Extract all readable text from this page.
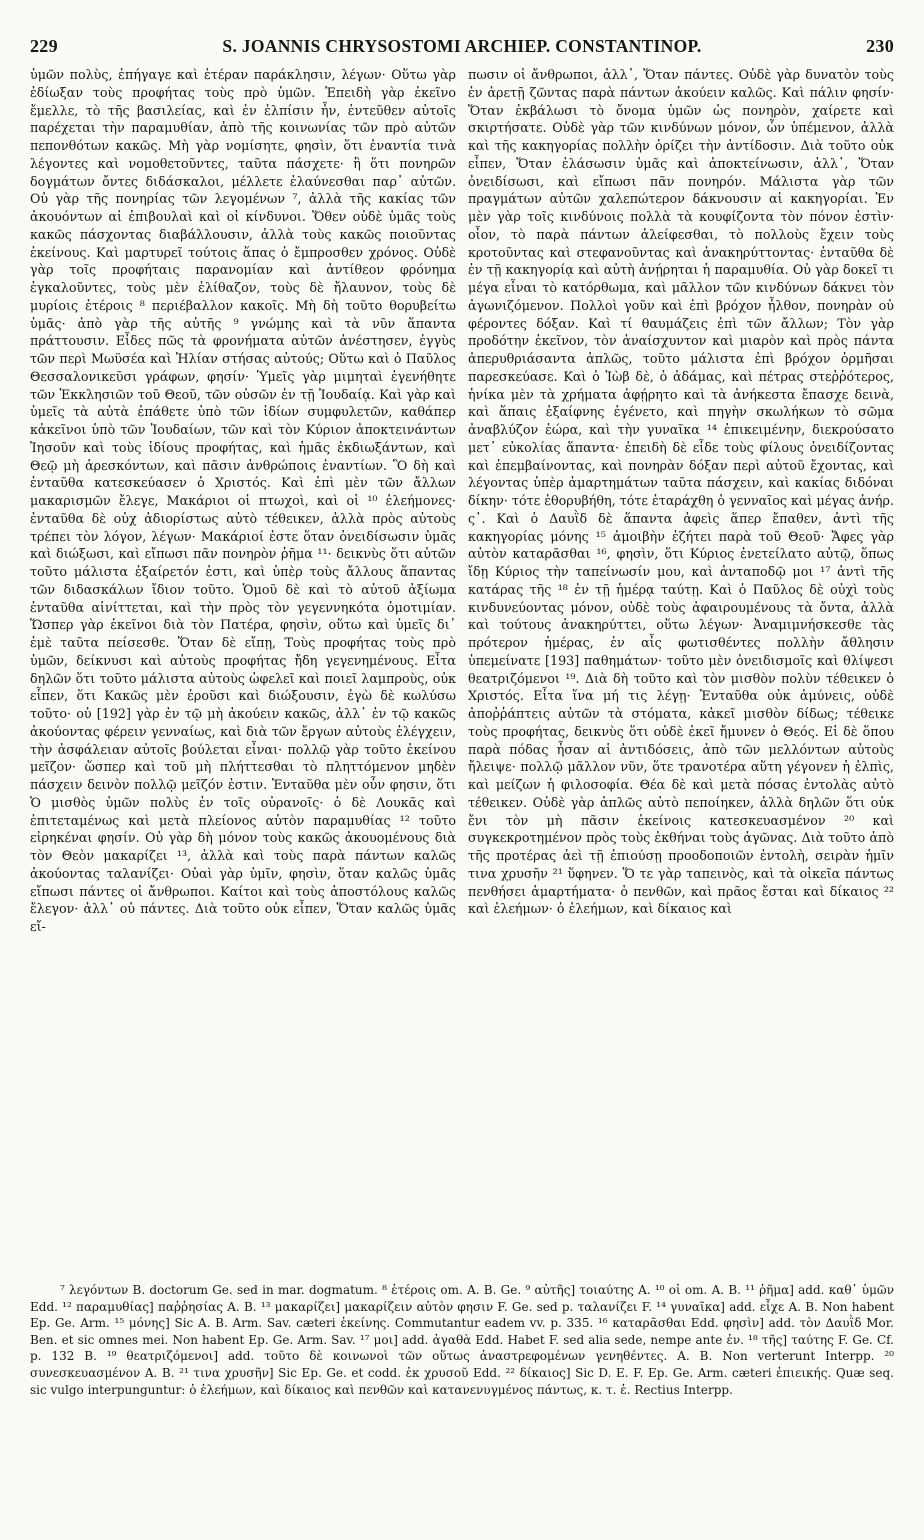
229	S. JOANNIS CHRYSOSTOMI ARCHIEP. CONSTANTINOP.	230

ὑμῶν πολὺς, ἐπήγαγε καὶ ἑτέραν παράκλησιν, λέγων· Οὕτω γὰρ ἐδίωξαν τοὺς προφήτας τοὺς πρὸ ὑμῶν. Ἐπειδὴ γὰρ ἐκεῖνο ἔμελλε, τὸ τῆς βασιλείας, καὶ ἐν ἐλπίσιν ἦν, ἐντεῦθεν αὐτοῖς παρέχεται τὴν παραμυθίαν, ἀπὸ τῆς κοινωνίας τῶν πρὸ αὐτῶν πεπονθότων κακῶς. Μὴ γὰρ νομίσητε, φησὶν, ὅτι ἐναντία τινὰ λέγοντες καὶ νομοθετοῦντες, ταῦτα πάσχετε· ἢ ὅτι πονηρῶν δογμάτων ὄντες διδάσκαλοι, μέλλετε ἐλαύνεσθαι παρ᾽ αὐτῶν. Οὐ γὰρ τῆς πονηρίας τῶν λεγομένων ⁷, ἀλλὰ τῆς κακίας τῶν ἀκουόντων αἱ ἐπιβουλαὶ καὶ οἱ κίνδυνοι. Ὅθεν οὐδὲ ὑμᾶς τοὺς κακῶς πάσχοντας διαβάλλουσιν, ἀλλὰ τοὺς κακῶς ποιοῦντας ἐκείνους. Καὶ μαρτυρεῖ τούτοις ἅπας ὁ ἔμπροσθεν χρόνος. Οὐδὲ γὰρ τοῖς προφήταις παρανομίαν καὶ ἀντίθεον φρόνημα ἐγκαλοῦντες, τοὺς μὲν ἐλίθαζον, τοὺς δὲ ἤλαυνον, τοὺς δὲ μυρίοις ἑτέροις ⁸ περιέβαλλον κακοῖς. Μὴ δὴ τοῦτο θορυβείτω ὑμᾶς· ἀπὸ γὰρ τῆς αὐτῆς ⁹ γνώμης καὶ τὰ νῦν ἅπαντα πράττουσιν. Εἶδες πῶς τὰ φρονήματα αὐτῶν ἀνέστησεν, ἐγγὺς τῶν περὶ Μωϋσέα καὶ Ἠλίαν στήσας αὐτούς; Οὕτω καὶ ὁ Παῦλος Θεσσαλονικεῦσι γράφων, φησίν· Ὑμεῖς γὰρ μιμηταὶ ἐγενήθητε τῶν Ἐκκλησιῶν τοῦ Θεοῦ, τῶν οὐσῶν ἐν τῇ Ἰουδαίᾳ. Καὶ γὰρ καὶ ὑμεῖς τὰ αὐτὰ ἐπάθετε ὑπὸ τῶν ἰδίων συμφυλετῶν, καθάπερ κἀκεῖνοι ὑπὸ τῶν Ἰουδαίων, τῶν καὶ τὸν Κύριον ἀποκτεινάντων Ἰησοῦν καὶ τοὺς ἰδίους προφήτας, καὶ ἡμᾶς ἐκδιωξάντων, καὶ Θεῷ μὴ ἀρεσκόντων, καὶ πᾶσιν ἀνθρώποις ἐναντίων. Ὃ δὴ καὶ ἐνταῦθα κατεσκεύασεν ὁ Χριστός. Καὶ ἐπὶ μὲν τῶν ἄλλων μακαρισμῶν ἔλεγε, Μακάριοι οἱ πτωχοὶ, καὶ οἱ ¹⁰ ἐλεήμονες· ἐνταῦθα δὲ οὐχ ἀδιορίστως αὐτὸ τέθεικεν, ἀλλὰ πρὸς αὐτοὺς τρέπει τὸν λόγον, λέγων· Μακάριοί ἐστε ὅταν ὀνειδίσωσιν ὑμᾶς καὶ διώξωσι, καὶ εἴπωσι πᾶν πονηρὸν ῥῆμα ¹¹· δεικνὺς ὅτι αὐτῶν τοῦτο μάλιστα ἐξαίρετόν ἐστι, καὶ ὑπὲρ τοὺς ἄλλους ἅπαντας τῶν διδασκάλων ἴδιον τοῦτο. Ὁμοῦ δὲ καὶ τὸ αὐτοῦ ἀξίωμα ἐνταῦθα αἰνίττεται, καὶ τὴν πρὸς τὸν γεγεννηκότα ὁμοτιμίαν. Ὥσπερ γὰρ ἐκεῖνοι διὰ τὸν Πατέρα, φησὶν, οὕτω καὶ ὑμεῖς δι᾽ ἐμὲ ταῦτα πείσεσθε. Ὅταν δὲ εἴπῃ, Τοὺς προφήτας τοὺς πρὸ ὑμῶν, δείκνυσι καὶ αὐτοὺς προφήτας ἤδη γεγενημένους. Εἶτα δηλῶν ὅτι τοῦτο μάλιστα αὐτοὺς ὠφελεῖ καὶ ποιεῖ λαμπροὺς, οὐκ εἶπεν, ὅτι Κακῶς μὲν ἐροῦσι καὶ διώξουσιν, ἐγὼ δὲ κωλύσω τοῦτο· οὐ [192] γὰρ ἐν τῷ μὴ ἀκούειν κακῶς, ἀλλ᾽ ἐν τῷ κακῶς ἀκούοντας φέρειν γενναίως, καὶ διὰ τῶν ἔργων αὐτοὺς ἐλέγχειν, τὴν ἀσφάλειαν αὐτοῖς βούλεται εἶναι· πολλῷ γὰρ τοῦτο ἐκείνου μεῖζον· ὥσπερ καὶ τοῦ μὴ πλήττεσθαι τὸ πληττόμενον μηδὲν πάσχειν δεινὸν πολλῷ μεῖζόν ἐστιν. Ἐνταῦθα μὲν οὖν φησιν, ὅτι Ὁ μισθὸς ὑμῶν πολὺς ἐν τοῖς οὐρανοῖς· ὁ δὲ Λουκᾶς καὶ ἐπιτεταμένως καὶ μετὰ πλείονος αὐτὸν παραμυθίας ¹² τοῦτο εἰρηκέναι φησίν. Οὐ γὰρ δὴ μόνον τοὺς κακῶς ἀκουομένους διὰ τὸν Θεὸν μακαρίζει ¹³, ἀλλὰ καὶ τοὺς παρὰ πάντων καλῶς ἀκούοντας ταλανίζει· Οὐαὶ γὰρ ὑμῖν, φησὶν, ὅταν καλῶς ὑμᾶς εἴπωσι πάντες οἱ ἄνθρωποι. Καίτοι καὶ τοὺς ἀποστόλους καλῶς ἔλεγον· ἀλλ᾽ οὐ πάντες. Διὰ τοῦτο οὐκ εἶπεν, Ὅταν καλῶς ὑμᾶς εἴ-

πωσιν οἱ ἄνθρωποι, ἀλλ᾽, Ὅταν πάντες. Οὐδὲ γὰρ δυνατὸν τοὺς ἐν ἀρετῇ ζῶντας παρὰ πάντων ἀκούειν καλῶς. Καὶ πάλιν φησίν· Ὅταν ἐκβάλωσι τὸ ὄνομα ὑμῶν ὡς πονηρὸν, χαίρετε καὶ σκιρτήσατε. Οὐδὲ γὰρ τῶν κινδύνων μόνον, ὧν ὑπέμενον, ἀλλὰ καὶ τῆς κακηγορίας πολλὴν ὁρίζει τὴν ἀντίδοσιν. Διὰ τοῦτο οὐκ εἶπεν, Ὅταν ἐλάσωσιν ὑμᾶς καὶ ἀποκτείνωσιν, ἀλλ᾽, Ὅταν ὀνειδίσωσι, καὶ εἴπωσι πᾶν πονηρόν. Μάλιστα γὰρ τῶν πραγμάτων αὐτῶν χαλεπώτερον δάκνουσιν αἱ κακηγορίαι. Ἐν μὲν γὰρ τοῖς κινδύνοις πολλὰ τὰ κουφίζοντα τὸν πόνον ἐστὶν· οἷον, τὸ παρὰ πάντων ἀλείφεσθαι, τὸ πολλοὺς ἔχειν τοὺς κροτοῦντας καὶ στεφανοῦντας καὶ ἀνακηρύττοντας· ἐνταῦθα δὲ ἐν τῇ κακηγορίᾳ καὶ αὐτὴ ἀνῄρηται ἡ παραμυθία. Οὐ γὰρ δοκεῖ τι μέγα εἶναι τὸ κατόρθωμα, καὶ μᾶλλον τῶν κινδύνων δάκνει τὸν ἀγωνιζόμενον. Πολλοὶ γοῦν καὶ ἐπὶ βρόχον ἦλθον, πονηρὰν οὐ φέροντες δόξαν. Καὶ τί θαυμάζεις ἐπὶ τῶν ἄλλων; Τὸν γὰρ προδότην ἐκεῖνον, τὸν ἀναίσχυντον καὶ μιαρὸν καὶ πρὸς πάντα ἀπερυθριάσαντα ἁπλῶς, τοῦτο μάλιστα ἐπὶ βρόχον ὁρμῆσαι παρεσκεύασε. Καὶ ὁ Ἰὼβ δὲ, ὁ ἀδάμας, καὶ πέτρας στεῤῥότερος, ἡνίκα μὲν τὰ χρήματα ἀφῄρητο καὶ τὰ ἀνήκεστα ἔπασχε δεινὰ, καὶ ἅπαις ἐξαίφνης ἐγένετο, καὶ πηγὴν σκωλήκων τὸ σῶμα ἀναβλύζον ἑώρα, καὶ τὴν γυναῖκα ¹⁴ ἐπικειμένην, διεκρούσατο μετ᾽ εὐκολίας ἅπαντα· ἐπειδὴ δὲ εἶδε τοὺς φίλους ὀνειδίζοντας καὶ ἐπεμβαίνοντας, καὶ πονηρὰν δόξαν περὶ αὐτοῦ ἔχοντας, καὶ λέγοντας ὑπὲρ ἁμαρτημάτων ταῦτα πάσχειν, καὶ κακίας διδόναι δίκην· τότε ἐθορυβήθη, τότε ἐταράχθη ὁ γενναῖος καὶ μέγας ἀνήρ. ς᾽. Καὶ ὁ Δαυῒδ δὲ ἅπαντα ἀφεὶς ἅπερ ἔπαθεν, ἀντὶ τῆς κακηγορίας μόνης ¹⁵ ἀμοιβὴν ἐζήτει παρὰ τοῦ Θεοῦ· Ἄφες γὰρ αὐτὸν καταρᾶσθαι ¹⁶, φησὶν, ὅτι Κύριος ἐνετείλατο αὐτῷ, ὅπως ἴδῃ Κύριος τὴν ταπείνωσίν μου, καὶ ἀνταποδῷ μοι ¹⁷ ἀντὶ τῆς κατάρας τῆς ¹⁸ ἐν τῇ ἡμέρᾳ ταύτῃ. Καὶ ὁ Παῦλος δὲ οὐχὶ τοὺς κινδυνεύοντας μόνον, οὐδὲ τοὺς ἀφαιρουμένους τὰ ὄντα, ἀλλὰ καὶ τούτους ἀνακηρύττει, οὕτω λέγων· Ἀναμιμνήσκεσθε τὰς πρότερον ἡμέρας, ἐν αἷς φωτισθέντες πολλὴν ἄθλησιν ὑπεμείνατε [193] παθημάτων· τοῦτο μὲν ὀνειδισμοῖς καὶ θλίψεσι θεατριζόμενοι ¹⁹. Διὰ δὴ τοῦτο καὶ τὸν μισθὸν πολὺν τέθεικεν ὁ Χριστός. Εἶτα ἵνα μή τις λέγῃ· Ἐνταῦθα οὐκ ἀμύνεις, οὐδὲ ἀποῤῥάπτεις αὐτῶν τὰ στόματα, κἀκεῖ μισθὸν δίδως; τέθεικε τοὺς προφήτας, δεικνὺς ὅτι οὐδὲ ἐκεῖ ἤμυνεν ὁ Θεός. Εἰ δὲ ὅπου παρὰ πόδας ἦσαν αἱ ἀντιδόσεις, ἀπὸ τῶν μελλόντων αὐτοὺς ἤλειψε· πολλῷ μᾶλλον νῦν, ὅτε τρανοτέρα αὕτη γέγονεν ἡ ἐλπὶς, καὶ μείζων ἡ φιλοσοφία. Θέα δὲ καὶ μετὰ πόσας ἐντολὰς αὐτὸ τέθεικεν. Οὐδὲ γὰρ ἁπλῶς αὐτὸ πεποίηκεν, ἀλλὰ δηλῶν ὅτι οὐκ ἔνι τὸν μὴ πᾶσιν ἐκείνοις κατεσκευασμένον ²⁰ καὶ συγκεκροτημένον πρὸς τοὺς ἐκθήναι τοὺς ἀγῶνας. Διὰ τοῦτο ἀπὸ τῆς προτέρας ἀεὶ τῇ ἐπιούσῃ προοδοποιῶν ἐντολὴ, σειρὰν ἡμῖν τινα χρυσῆν ²¹ ὕφηνεν. Ὅ τε γὰρ ταπεινὸς, καὶ τὰ οἰκεῖα πάντως πενθήσει ἁμαρτήματα· ὁ πενθῶν, καὶ πρᾶος ἔσται καὶ δίκαιος ²² καὶ ἐλεήμων· ὁ ἐλεήμων, καὶ δίκαιος καὶ

⁷ λεγόντων B. doctorum Ge. sed in mar. dogmatum. ⁸ ἑτέροις om. A. B. Ge. ⁹ αὐτῆς] τοιαύτης A. ¹⁰ οἱ om. A. B. ¹¹ ῥῆμα] add. καθ᾽ ὑμῶν Edd. ¹² παραμυθίας] παῤῥησίας A. B. ¹³ μακαρίζει] μακαρίζειν αὐτὸν φησιν F. Ge. sed p. ταλανίζει F. ¹⁴ γυναῖκα] add. εἶχε A. B. Non habent Ep. Ge. Arm. ¹⁵ μόνης] Sic A. B. Arm. Sav. cæteri ἐκείνης. Commutantur eadem vv. p. 335. ¹⁶ καταρᾶσθαι Edd. φησὶν] add. τὸν Δαυῒδ Mor. Ben. et sic omnes mei. Non habent Ep. Ge. Arm. Sav. ¹⁷ μοι] add. ἀγαθὰ Edd. Habet F. sed alia sede, nempe ante ἐν. ¹⁸ τῆς] ταύτης F. Ge. Cf. p. 132 B. ¹⁹ θεατριζόμενοι] add. τοῦτο δὲ κοινωνοὶ τῶν οὕτως ἀναστρεφομένων γενηθέντες. A. B. Non verterunt Interpp. ²⁰ συνεσκευασμένον A. B. ²¹ τινα χρυσῆν] Sic Ep. Ge. et codd. ἐκ χρυσοῦ Edd. ²² δίκαιος] Sic D. E. F. Ep. Ge. Arm. cæteri ἐπιεικής. Quæ seq. sic vulgo interpunguntur: ὁ ἐλεήμων, καὶ δίκαιος καὶ πενθῶν καὶ κατανενυγμένος πάντως, κ. τ. ἑ. Rectius Interpp.
